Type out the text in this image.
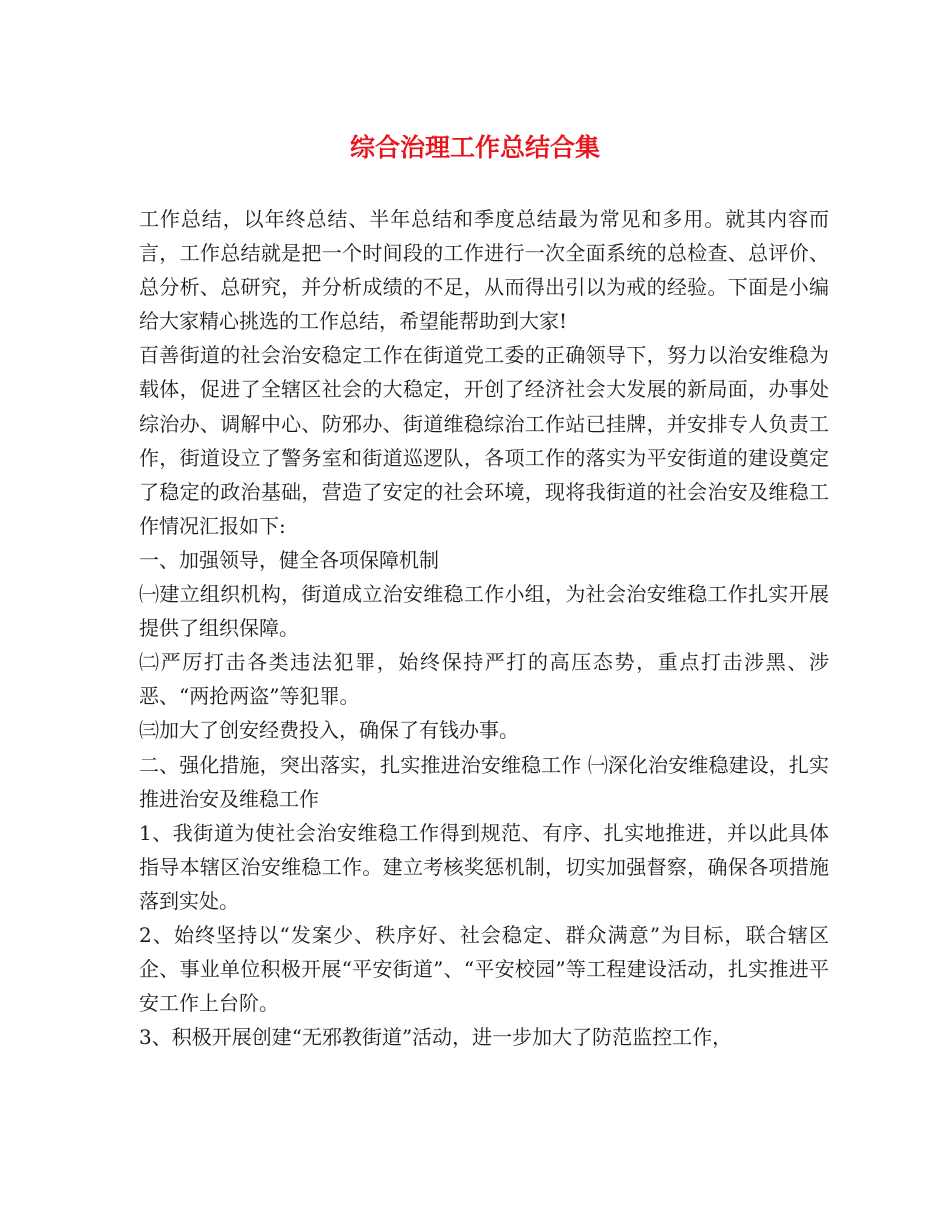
综合治理工作总结合集

工作总结，以年终总结、半年总结和季度总结最为常见和多用。就其内容而言，工作总结就是把一个时间段的工作进行一次全面系统的总检查、总评价、总分析、总研究，并分析成绩的不足，从而得出引以为戒的经验。下面是小编给大家精心挑选的工作总结，希望能帮助到大家!

百善街道的社会治安稳定工作在街道党工委的正确领导下，努力以治安维稳为载体，促进了全辖区社会的大稳定，开创了经济社会大发展的新局面，办事处综治办、调解中心、防邪办、街道维稳综治工作站已挂牌，并安排专人负责工作，街道设立了警务室和街道巡逻队，各项工作的落实为平安街道的建设奠定了稳定的政治基础，营造了安定的社会环境，现将我街道的社会治安及维稳工作情况汇报如下:

一、加强领导，健全各项保障机制

㈠建立组织机构，街道成立治安维稳工作小组，为社会治安维稳工作扎实开展提供了组织保障。

㈡严厉打击各类违法犯罪，始终保持严打的高压态势，重点打击涉黑、涉恶、“两抢两盗”等犯罪。

㈢加大了创安经费投入，确保了有钱办事。

二、强化措施，突出落实，扎实推进治安维稳工作 ㈠深化治安维稳建设，扎实推进治安及维稳工作

1、我街道为使社会治安维稳工作得到规范、有序、扎实地推进，并以此具体指导本辖区治安维稳工作。建立考核奖惩机制，切实加强督察，确保各项措施落到实处。

2、始终坚持以“发案少、秩序好、社会稳定、群众满意”为目标，联合辖区企、事业单位积极开展“平安街道”、“平安校园”等工程建设活动，扎实推进平安工作上台阶。

3、积极开展创建“无邪教街道”活动，进一步加大了防范监控工作，
